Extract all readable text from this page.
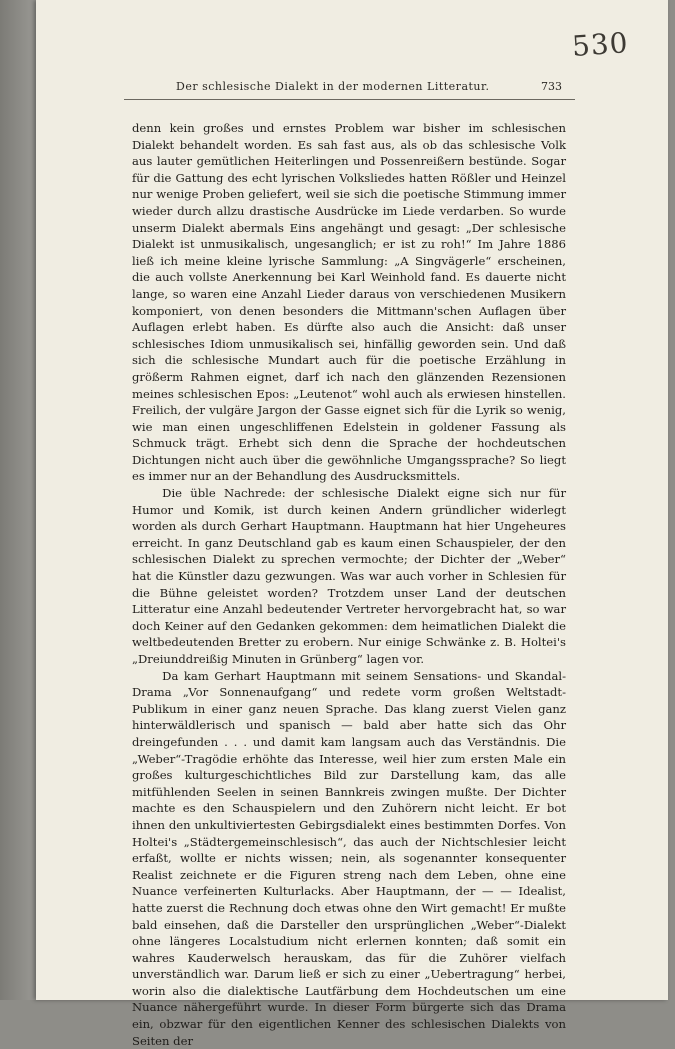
530
Der schlesische Dialekt in der modernen Litteratur.	733

denn kein großes und ernstes Problem war bisher im schlesischen Dialekt behandelt worden. Es sah fast aus, als ob das schlesische Volk aus lauter gemütlichen Heiterlingen und Possenreißern bestünde. Sogar für die Gattung des echt lyrischen Volksliedes hatten Rößler und Heinzel nur wenige Proben geliefert, weil sie sich die poetische Stimmung immer wieder durch allzu drastische Ausdrücke im Liede verdarben. So wurde unserm Dialekt abermals Eins angehängt und gesagt: „Der schlesische Dialekt ist unmusikalisch, ungesanglich; er ist zu roh!“ Im Jahre 1886 ließ ich meine kleine lyrische Sammlung: „A Singvägerle“ erscheinen, die auch vollste Anerkennung bei Karl Weinhold fand. Es dauerte nicht lange, so waren eine Anzahl Lieder daraus von verschiedenen Musikern komponiert, von denen besonders die Mittmann'schen Auflagen über Auflagen erlebt haben. Es dürfte also auch die Ansicht: daß unser schlesisches Idiom unmusikalisch sei, hinfällig geworden sein. Und daß sich die schlesische Mundart auch für die poetische Erzählung in größerm Rahmen eignet, darf ich nach den glänzenden Rezensionen meines schlesischen Epos: „Leutenot“ wohl auch als erwiesen hinstellen. Freilich, der vulgäre Jargon der Gasse eignet sich für die Lyrik so wenig, wie man einen ungeschliffenen Edelstein in goldener Fassung als Schmuck trägt. Erhebt sich denn die Sprache der hochdeutschen Dichtungen nicht auch über die gewöhnliche Umgangssprache? So liegt es immer nur an der Behandlung des Ausdrucksmittels.

Die üble Nachrede: der schlesische Dialekt eigne sich nur für Humor und Komik, ist durch keinen Andern gründlicher widerlegt worden als durch Gerhart Hauptmann. Hauptmann hat hier Ungeheures erreicht. In ganz Deutschland gab es kaum einen Schauspieler, der den schlesischen Dialekt zu sprechen vermochte; der Dichter der „Weber“ hat die Künstler dazu gezwungen. Was war auch vorher in Schlesien für die Bühne geleistet worden? Trotzdem unser Land der deutschen Litteratur eine Anzahl bedeutender Vertreter hervorgebracht hat, so war doch Keiner auf den Gedanken gekommen: dem heimatlichen Dialekt die weltbedeutenden Bretter zu erobern. Nur einige Schwänke z. B. Holtei's „Dreiunddreißig Minuten in Grünberg“ lagen vor.

Da kam Gerhart Hauptmann mit seinem Sensations- und Skandal-Drama „Vor Sonnenaufgang“ und redete vorm großen Weltstadt-Publikum in einer ganz neuen Sprache. Das klang zuerst Vielen ganz hinterwäldlerisch und spanisch — bald aber hatte sich das Ohr dreingefunden . . . und damit kam langsam auch das Verständnis. Die „Weber“-Tragödie erhöhte das Interesse, weil hier zum ersten Male ein großes kulturgeschichtliches Bild zur Darstellung kam, das alle mitfühlenden Seelen in seinen Bannkreis zwingen mußte. Der Dichter machte es den Schauspielern und den Zuhörern nicht leicht. Er bot ihnen den unkultiviertesten Gebirgsdialekt eines bestimmten Dorfes. Von Holtei's „Städtergemeinschlesisch“, das auch der Nichtschlesier leicht erfaßt, wollte er nichts wissen; nein, als sogenannter konsequenter Realist zeichnete er die Figuren streng nach dem Leben, ohne eine Nuance verfeinerten Kulturlacks. Aber Hauptmann, der — — Idealist, hatte zuerst die Rechnung doch etwas ohne den Wirt gemacht! Er mußte bald einsehen, daß die Darsteller den ursprünglichen „Weber“-Dialekt ohne längeres Localstudium nicht erlernen konnten; daß somit ein wahres Kauderwelsch herauskam, das für die Zuhörer vielfach unverständlich war. Darum ließ er sich zu einer „Uebertragung“ herbei, worin also die dialektische Lautfärbung dem Hochdeutschen um eine Nuance nähergeführt wurde. In dieser Form bürgerte sich das Drama ein, obzwar für den eigentlichen Kenner des schlesischen Dialekts von Seiten der
